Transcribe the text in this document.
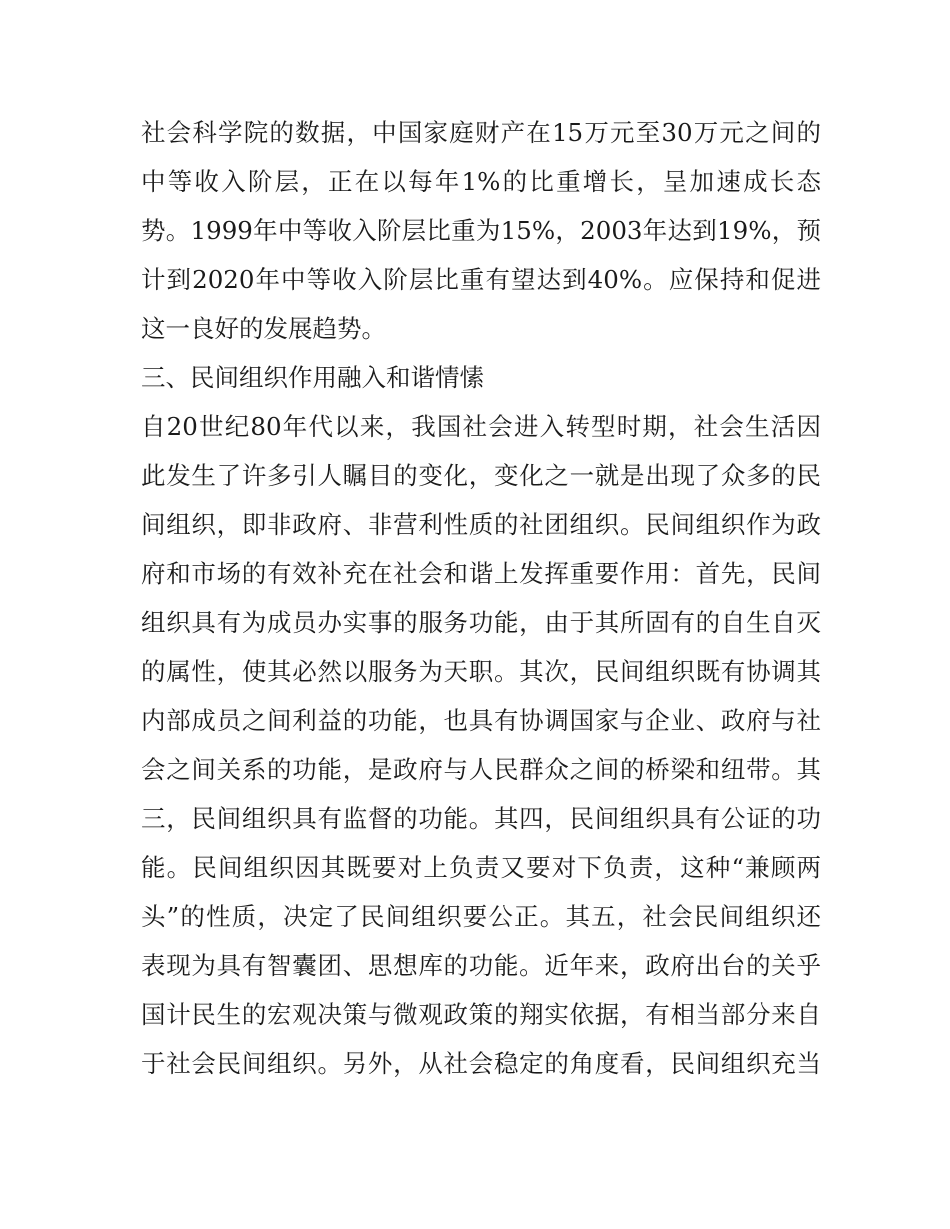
社会科学院的数据，中国家庭财产在15万元至30万元之间的
中等收入阶层，正在以每年1%的比重增长，呈加速成长态
势。1999年中等收入阶层比重为15%，2003年达到19%，预
计到2020年中等收入阶层比重有望达到40%。应保持和促进
这一良好的发展趋势。
三、民间组织作用融入和谐情愫
自20世纪80年代以来，我国社会进入转型时期，社会生活因
此发生了许多引人瞩目的变化，变化之一就是出现了众多的民
间组织，即非政府、非营利性质的社团组织。民间组织作为政
府和市场的有效补充在社会和谐上发挥重要作用：首先，民间
组织具有为成员办实事的服务功能，由于其所固有的自生自灭
的属性，使其必然以服务为天职。其次，民间组织既有协调其
内部成员之间利益的功能，也具有协调国家与企业、政府与社
会之间关系的功能，是政府与人民群众之间的桥梁和纽带。其
三，民间组织具有监督的功能。其四，民间组织具有公证的功
能。民间组织因其既要对上负责又要对下负责，这种“兼顾两
头”的性质，决定了民间组织要公正。其五，社会民间组织还
表现为具有智囊团、思想库的功能。近年来，政府出台的关乎
国计民生的宏观决策与微观政策的翔实依据，有相当部分来自
于社会民间组织。另外，从社会稳定的角度看，民间组织充当
